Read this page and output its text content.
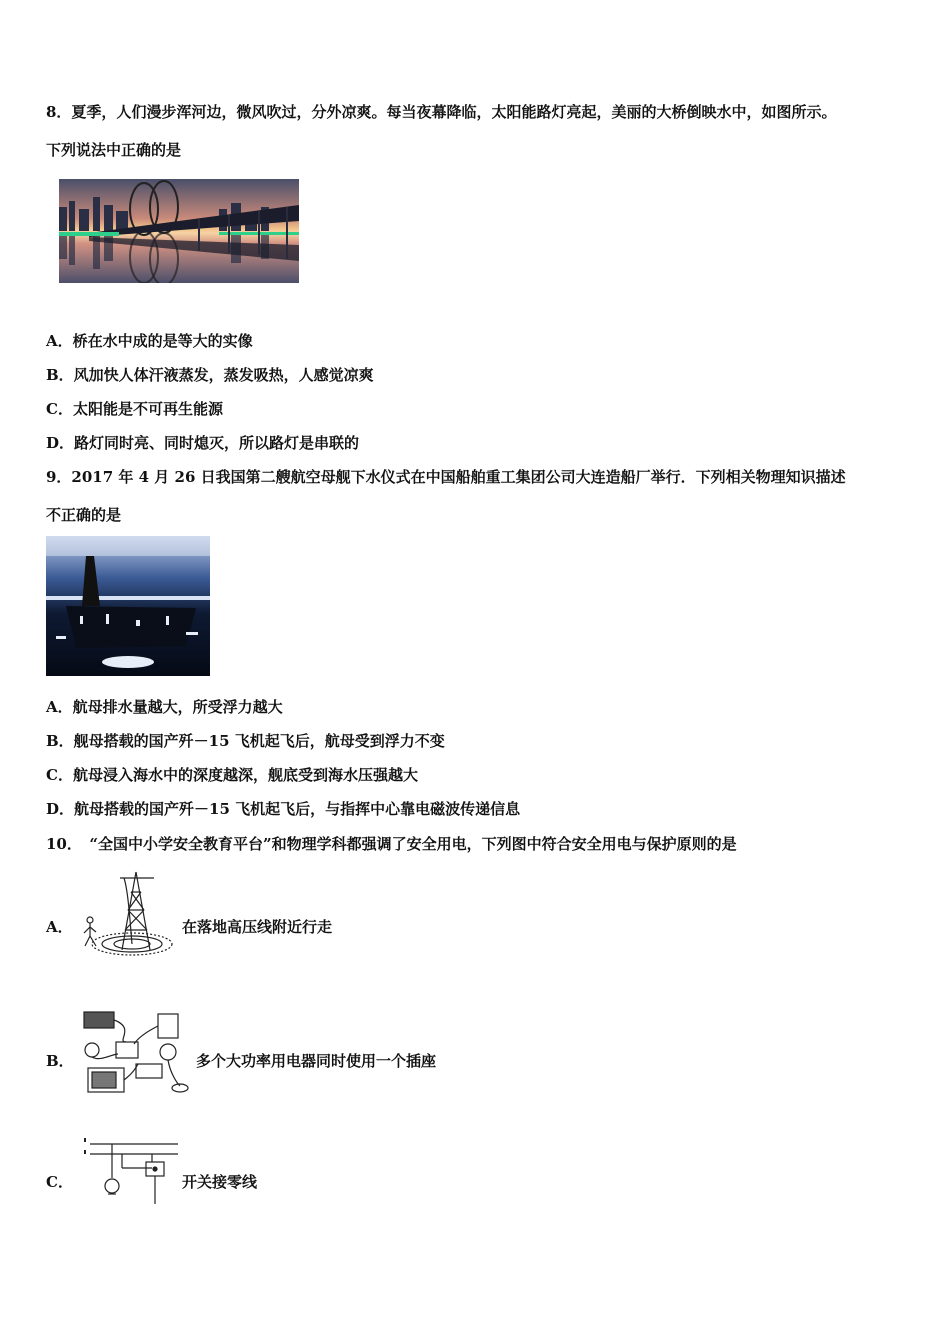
8．夏季，人们漫步浑河边，微风吹过，分外凉爽。每当夜幕降临，太阳能路灯亮起，美丽的大桥倒映水中，如图所示。
下列说法中正确的是
A．桥在水中成的是等大的实像
B．风加快人体汗液蒸发，蒸发吸热，人感觉凉爽
C．太阳能是不可再生能源
D．路灯同时亮、同时熄灭，所以路灯是串联的
9．2017 年 4 月 26 日我国第二艘航空母舰下水仪式在中国船舶重工集团公司大连造船厂举行．下列相关物理知识描述
不正确的是
A．航母排水量越大，所受浮力越大
B．舰母搭载的国产歼－15 飞机起飞后，航母受到浮力不变
C．航母浸入海水中的深度越深，舰底受到海水压强越大
D．航母搭载的国产歼－15 飞机起飞后，与指挥中心靠电磁波传递信息
10．　“全国中小学安全教育平台”和物理学科都强调了安全用电，下列图中符合安全用电与保护原则的是
A．	在落地高压线附近行走
B．	多个大功率用电器同时使用一个插座
C．	开关接零线
